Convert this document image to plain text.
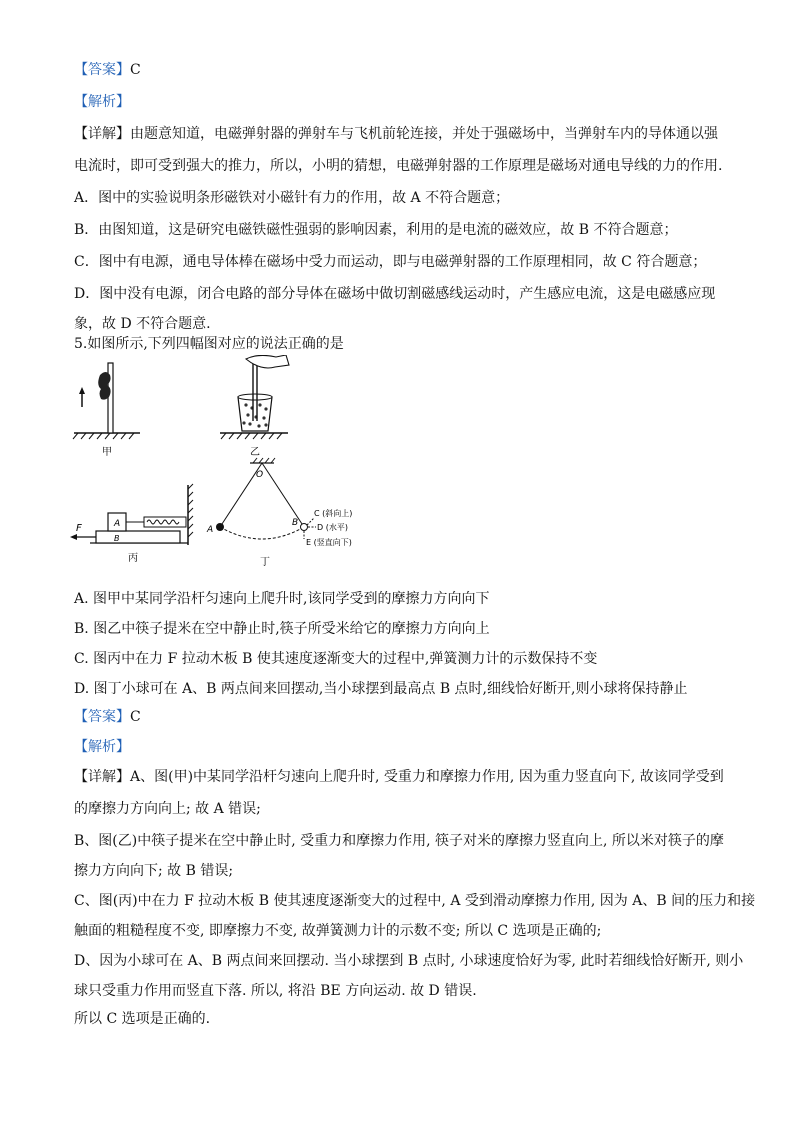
【答案】C
【解析】
【详解】由题意知道，电磁弹射器的弹射车与飞机前轮连接，并处于强磁场中，当弹射车内的导体通以强
电流时，即可受到强大的推力，所以，小明的猜想，电磁弹射器的工作原理是磁场对通电导线的力的作用.
A．图中的实验说明条形磁铁对小磁针有力的作用，故 A 不符合题意；
B．由图知道，这是研究电磁铁磁性强弱的影响因素，利用的是电流的磁效应，故 B 不符合题意；
C．图中有电源，通电导体棒在磁场中受力而运动，即与电磁弹射器的工作原理相同，故 C 符合题意；
D．图中没有电源，闭合电路的部分导体在磁场中做切割磁感线运动时，产生感应电流，这是电磁感应现
象，故 D 不符合题意.
5.如图所示,下列四幅图对应的说法正确的是
甲	乙
A
B
F
丙
O
A
B
C (斜向上)
D (水平)
E (竖直向下)
丁
A. 图甲中某同学沿杆匀速向上爬升时,该同学受到的摩擦力方向向下
B. 图乙中筷子提米在空中静止时,筷子所受米给它的摩擦力方向向上
C. 图丙中在力 F 拉动木板 B 使其速度逐渐变大的过程中,弹簧测力计的示数保持不变
D. 图丁小球可在 A、B 两点间来回摆动,当小球摆到最高点 B 点时,细线恰好断开,则小球将保持静止
【答案】C
【解析】
【详解】A、图(甲)中某同学沿杆匀速向上爬升时, 受重力和摩擦力作用, 因为重力竖直向下, 故该同学受到
的摩擦力方向向上; 故 A 错误;
B、图(乙)中筷子提米在空中静止时, 受重力和摩擦力作用, 筷子对米的摩擦力竖直向上, 所以米对筷子的摩
擦力方向向下; 故 B 错误;
C、图(丙)中在力 F 拉动木板 B 使其速度逐渐变大的过程中, A 受到滑动摩擦力作用, 因为 A、B 间的压力和接
触面的粗糙程度不变, 即摩擦力不变, 故弹簧测力计的示数不变; 所以 C 选项是正确的;
D、因为小球可在 A、B 两点间来回摆动. 当小球摆到 B 点时, 小球速度恰好为零, 此时若细线恰好断开, 则小
球只受重力作用而竖直下落. 所以, 将沿 BE 方向运动. 故 D 错误.
所以 C 选项是正确的.
